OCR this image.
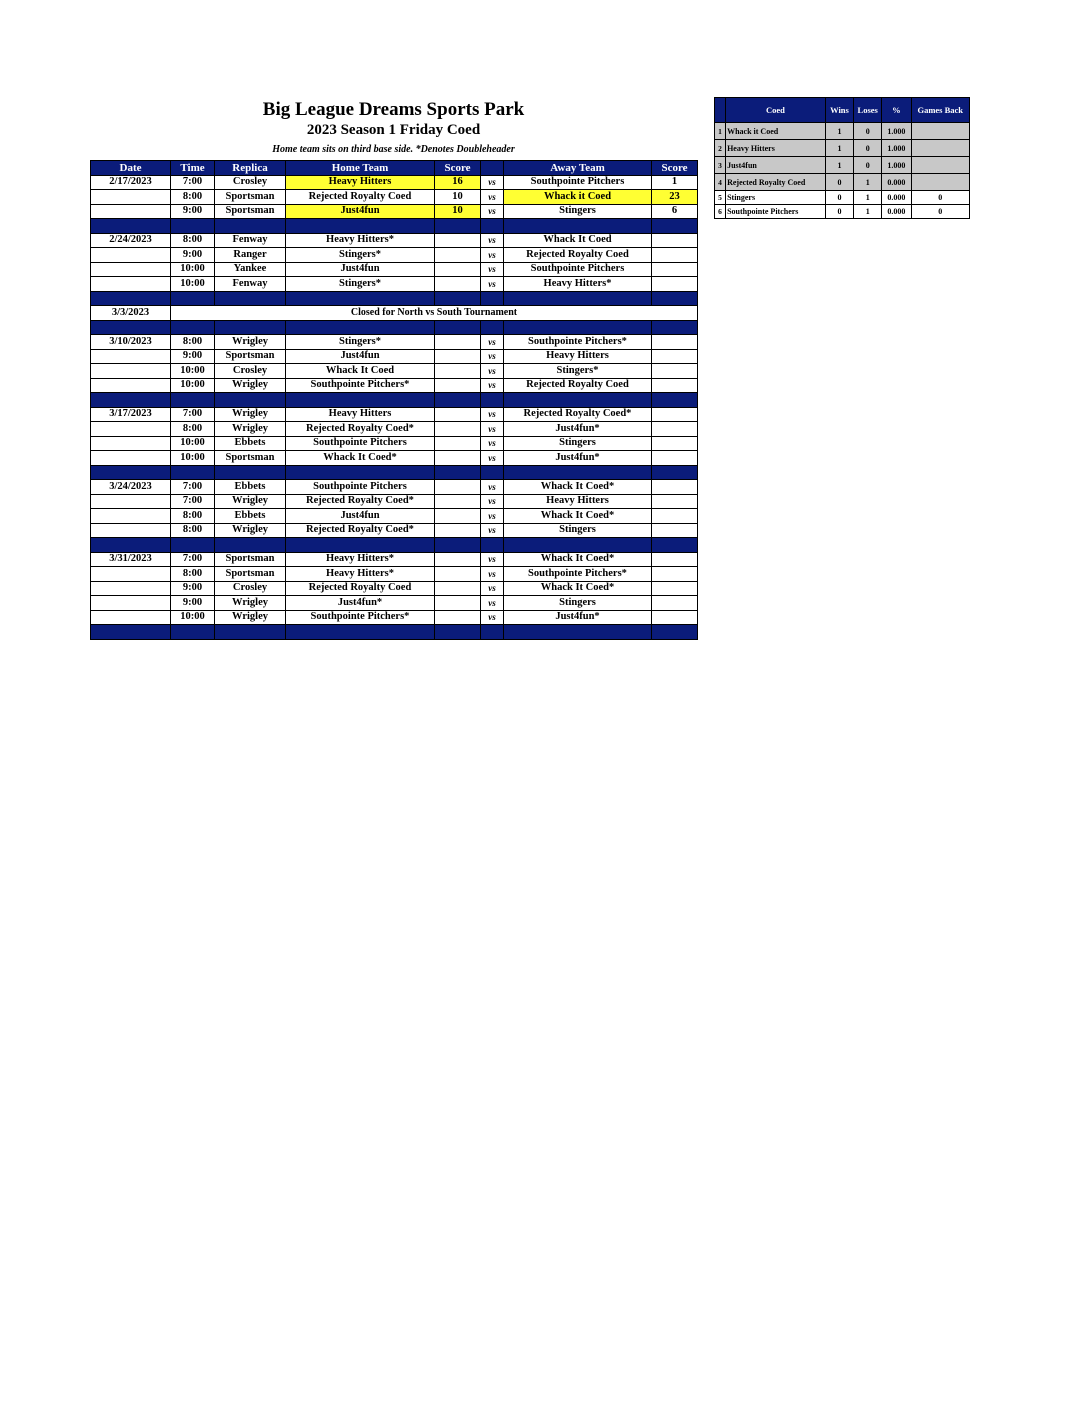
Big League Dreams Sports Park
2023 Season 1 Friday Coed
Home team sits on third base side. *Denotes Doubleheader
Date	Time	Replica	Home Team	Score		Away Team	Score
2/17/2023	7:00	Crosley	Heavy Hitters	16	vs	Southpointe Pitchers	1
	8:00	Sportsman	Rejected Royalty Coed	10	vs	Whack it Coed	23
	9:00	Sportsman	Just4fun	10	vs	Stingers	6

2/24/2023	8:00	Fenway	Heavy Hitters*		vs	Whack It Coed	
	9:00	Ranger	Stingers*		vs	Rejected Royalty Coed	
	10:00	Yankee	Just4fun		vs	Southpointe Pitchers	
	10:00	Fenway	Stingers*		vs	Heavy Hitters*	

3/3/2023	Closed for North vs South Tournament						

3/10/2023	8:00	Wrigley	Stingers*		vs	Southpointe Pitchers*	
	9:00	Sportsman	Just4fun		vs	Heavy Hitters	
	10:00	Crosley	Whack It Coed		vs	Stingers*	
	10:00	Wrigley	Southpointe Pitchers*		vs	Rejected Royalty Coed	

3/17/2023	7:00	Wrigley	Heavy Hitters		vs	Rejected Royalty Coed*	
	8:00	Wrigley	Rejected Royalty Coed*		vs	Just4fun*	
	10:00	Ebbets	Southpointe Pitchers		vs	Stingers	
	10:00	Sportsman	Whack It Coed*		vs	Just4fun*	

3/24/2023	7:00	Ebbets	Southpointe Pitchers		vs	Whack It Coed*	
	7:00	Wrigley	Rejected Royalty Coed*		vs	Heavy Hitters	
	8:00	Ebbets	Just4fun		vs	Whack It Coed*	
	8:00	Wrigley	Rejected Royalty Coed*		vs	Stingers	

3/31/2023	7:00	Sportsman	Heavy Hitters*		vs	Whack It Coed*	
	8:00	Sportsman	Heavy Hitters*		vs	Southpointe Pitchers*	
	9:00	Crosley	Rejected Royalty Coed		vs	Whack It Coed*	
	9:00	Wrigley	Just4fun*		vs	Stingers	
	10:00	Wrigley	Southpointe Pitchers*		vs	Just4fun*	

	Coed	Wins	Loses	%	Games Back
1	Whack it Coed	1	0	1.000	
2	Heavy Hitters	1	0	1.000	
3	Just4fun	1	0	1.000	
4	Rejected Royalty Coed	0	1	0.000	
5	Stingers	0	1	0.000	0
6	Southpointe Pitchers	0	1	0.000	0
